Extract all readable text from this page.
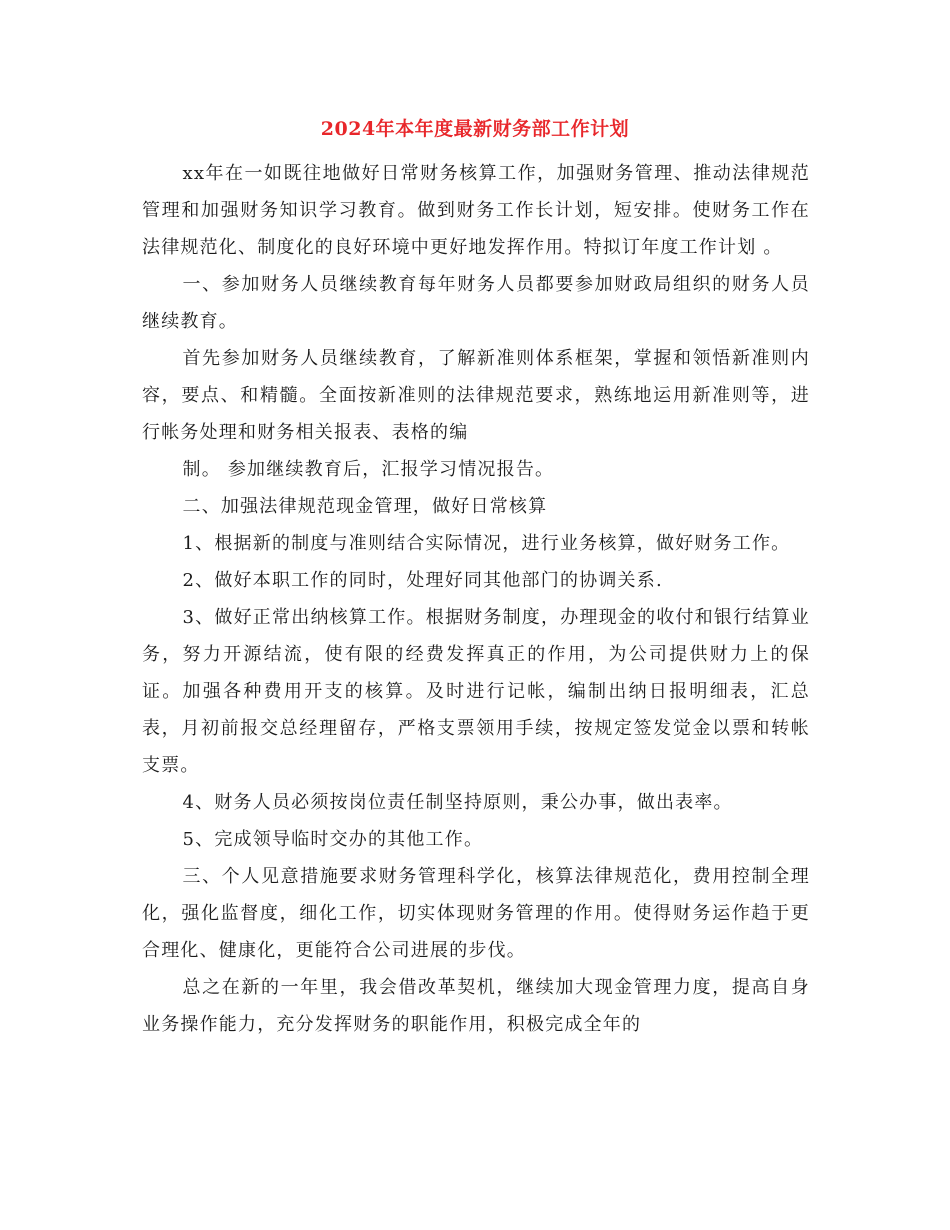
2024年本年度最新财务部工作计划

xx年在一如既往地做好日常财务核算工作，加强财务管理、推动法律规范管理和加强财务知识学习教育。做到财务工作长计划，短安排。使财务工作在法律规范化、制度化的良好环境中更好地发挥作用。特拟订年度工作计划 。

一、参加财务人员继续教育每年财务人员都要参加财政局组织的财务人员继续教育。

首先参加财务人员继续教育，了解新准则体系框架，掌握和领悟新准则内容，要点、和精髓。全面按新准则的法律规范要求，熟练地运用新准则等，进行帐务处理和财务相关报表、表格的编

制。 参加继续教育后，汇报学习情况报告。

二、加强法律规范现金管理，做好日常核算

1、根据新的制度与准则结合实际情况，进行业务核算，做好财务工作。

2、做好本职工作的同时，处理好同其他部门的协调关系.

3、做好正常出纳核算工作。根据财务制度，办理现金的收付和银行结算业务，努力开源结流，使有限的经费发挥真正的作用，为公司提供财力上的保证。加强各种费用开支的核算。及时进行记帐，编制出纳日报明细表，汇总表，月初前报交总经理留存，严格支票领用手续，按规定签发觉金以票和转帐支票。

4、财务人员必须按岗位责任制坚持原则，秉公办事，做出表率。

5、完成领导临时交办的其他工作。

三、个人见意措施要求财务管理科学化，核算法律规范化，费用控制全理化，强化监督度，细化工作，切实体现财务管理的作用。使得财务运作趋于更合理化、健康化，更能符合公司进展的步伐。

总之在新的一年里，我会借改革契机，继续加大现金管理力度，提高自身业务操作能力，充分发挥财务的职能作用，积极完成全年的
